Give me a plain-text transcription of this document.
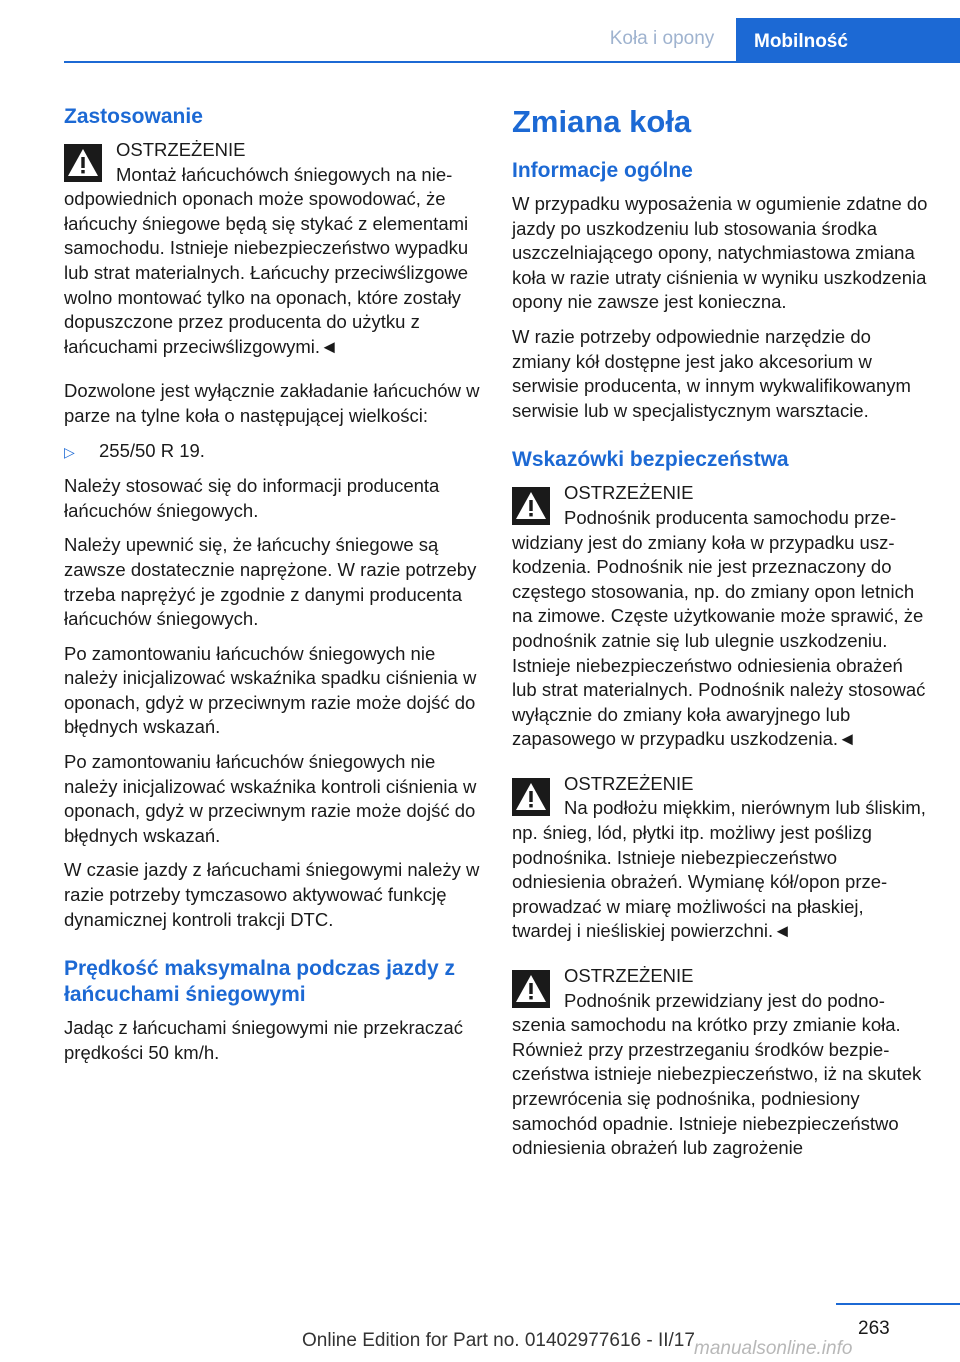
Koła i opony	Mobilność
Zastosowanie
OSTRZEŻENIE
Montaż łańcuchówch śniegowych na nieodpowiednich oponach może spowodować, że łańcuchy śniegowe będą się stykać z elementami samochodu. Istnieje niebezpieczeństwo wypadku lub strat materialnych. Łańcuchy przeciwślizgowe wolno montować tylko na oponach, które zostały dopuszczone przez producenta do użytku z łańcuchami przeciwślizgowymi.◄

Dozwolone jest wyłącznie zakładanie łańcuchów w parze na tylne koła o następującej wielkości:

▷ 255/50 R 19.

Należy stosować się do informacji producenta łańcuchów śniegowych.

Należy upewnić się, że łańcuchy śniegowe są zawsze dostatecznie naprężone. W razie potrzeby trzeba naprężyć je zgodnie z danymi producenta łańcuchów śniegowych.

Po zamontowaniu łańcuchów śniegowych nie należy inicjalizować wskaźnika spadku ciśnienia w oponach, gdyż w przeciwnym razie może dojść do błędnych wskazań.

Po zamontowaniu łańcuchów śniegowych nie należy inicjalizować wskaźnika kontroli ciśnienia w oponach, gdyż w przeciwnym razie może dojść do błędnych wskazań.

W czasie jazdy z łańcuchami śniegowymi należy w razie potrzeby tymczasowo aktywować funkcję dynamicznej kontroli trakcji DTC.

Prędkość maksymalna podczas jazdy z łańcuchami śniegowymi

Jadąc z łańcuchami śniegowymi nie przekraczać prędkości 50 km/h.

Zmiana koła
Informacje ogólne

W przypadku wyposażenia w ogumienie zdatne do jazdy po uszkodzeniu lub stosowania środka uszczelniającego opony, natychmiastowa zmiana koła w razie utraty ciśnienia w wyniku uszkodzenia opony nie zawsze jest konieczna.

W razie potrzeby odpowiednie narzędzie do zmiany kół dostępne jest jako akcesorium w serwisie producenta, w innym wykwalifikowanym serwisie lub w specjalistycznym warsztacie.

Wskazówki bezpieczeństwa
OSTRZEŻENIE
Podnośnik producenta samochodu przewidziany jest do zmiany koła w przypadku uszkodzenia. Podnośnik nie jest przeznaczony do częstego stosowania, np. do zmiany opon letnich na zimowe. Częste użytkowanie może sprawić, że podnośnik zatnie się lub ulegnie uszkodzeniu. Istnieje niebezpieczeństwo odniesienia obrażeń lub strat materialnych. Podnośnik należy stosować wyłącznie do zmiany koła awaryjnego lub zapasowego w przypadku uszkodzenia.◄
OSTRZEŻENIE
Na podłożu miękkim, nierównym lub śliskim, np. śnieg, lód, płytki itp. możliwy jest poślizg podnośnika. Istnieje niebezpieczeństwo odniesienia obrażeń. Wymianę kół/opon przeprowadzać w miarę możliwości na płaskiej, twardej i nieśliskiej powierzchni.◄
OSTRZEŻENIE
Podnośnik przewidziany jest do podnoszenia samochodu na krótko przy zmianie koła. Również przy przestrzeganiu środków bezpieczeństwa istnieje niebezpieczeństwo, iż na skutek przewrócenia się podnośnika, podniesiony samochód opadnie. Istnieje niebezpieczeństwo odniesienia obrażeń lub zagrożenie
263
Online Edition for Part no. 01402977616 - II/17 manualsonline.info
